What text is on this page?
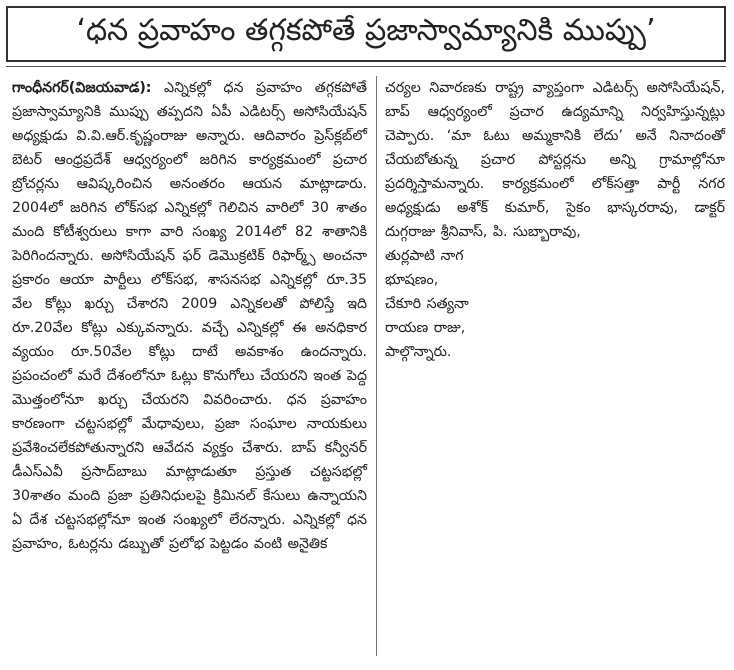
‘ధన ప్రవాహం తగ్గకపోతే ప్రజాస్వామ్యానికి ముప్పు’

గాంధీనగర్(విజయవాడ): ఎన్నికల్లో ధన ప్రవాహం తగ్గకపోతే ప్రజాస్వామ్యానికి ముప్పు తప్పదని ఏపీ ఎడిటర్స్ అసోసియేషన్ అధ్యక్షుడు వి.వి.ఆర్.కృష్ణంరాజు అన్నారు. ఆదివారం ప్రెస్‌క్లబ్‌లో బెటర్ ఆంధ్రప్రదేశ్ ఆధ్వర్యంలో జరిగిన కార్యక్రమంలో ప్రచార బ్రోచర్లను ఆవిష్కరించిన అనంతరం ఆయన మాట్లాడారు. 2004లో జరిగిన లోక్‌సభ ఎన్నికల్లో గెలిచిన వారిలో 30 శాతం మంది కోటీశ్వరులు కాగా వారి సంఖ్య 2014లో 82 శాతానికి పెరిగిందన్నారు. అసోసియేషన్ ఫర్ డెమొక్రటిక్ రిఫార్మ్స్ అంచనా ప్రకారం ఆయా పార్టీలు లోక్‌సభ, శాసనసభ ఎన్నికల్లో రూ.35 వేల కోట్లు ఖర్చు చేశారని 2009 ఎన్నికలతో పోలిస్తే ఇది రూ.20వేల కోట్లు ఎక్కువన్నారు. వచ్చే ఎన్నికల్లో ఈ అనధికార వ్యయం రూ.50వేల కోట్లు దాటే అవకాశం ఉందన్నారు. ప్రపంచంలో మరే దేశంలోనూ ఓట్లు కొనుగోలు చేయరని ఇంత పెద్ద మొత్తంలోనూ ఖర్చు చేయరని వివరించారు. ధన ప్రవాహం కారణంగా చట్టసభల్లో మేధావులు, ప్రజా సంఘాల నాయకులు ప్రవేశించలేకపోతున్నారని ఆవేదన వ్యక్తం చేశారు. బాప్ కన్వీనర్ డీఎస్ఎవీ ప్రసాద్‌బాబు మాట్లాడుతూ ప్రస్తుత చట్టసభల్లో 30శాతం మంది ప్రజా ప్రతినిధులపై క్రిమినల్ కేసులు ఉన్నాయని ఏ దేశ చట్టసభల్లోనూ ఇంత సంఖ్యలో లేరన్నారు. ఎన్నికల్లో ధన ప్రవాహం, ఓటర్లను డబ్బుతో ప్రలోభ పెట్టడం వంటి అనైతిక

చర్యల నివారణకు రాష్ట్ర వ్యాప్తంగా ఎడిటర్స్ అసోసియేషన్, బాప్ ఆధ్వర్యంలో ప్రచార ఉద్యమాన్ని నిర్వహిస్తున్నట్లు చెప్పారు. ‘మా ఓటు అమ్మకానికి లేదు’ అనే నినాదంతో చేయబోతున్న ప్రచార పోస్టర్లను అన్ని గ్రామాల్లోనూ ప్రదర్శిస్తామన్నారు. కార్యక్రమంలో లోక్‌సత్తా పార్టీ నగర అధ్యక్షుడు అశోక్ కుమార్, సైకం భాస్కరరావు, డాక్టర్ దుగ్గరాజు శ్రీనివాస్, పి. సుబ్బారావు,

తుర్లపాటి నాగ
భూషణం,
చేకూరి సత్యనా
రాయణ రాజు,
పాల్గొన్నారు.
